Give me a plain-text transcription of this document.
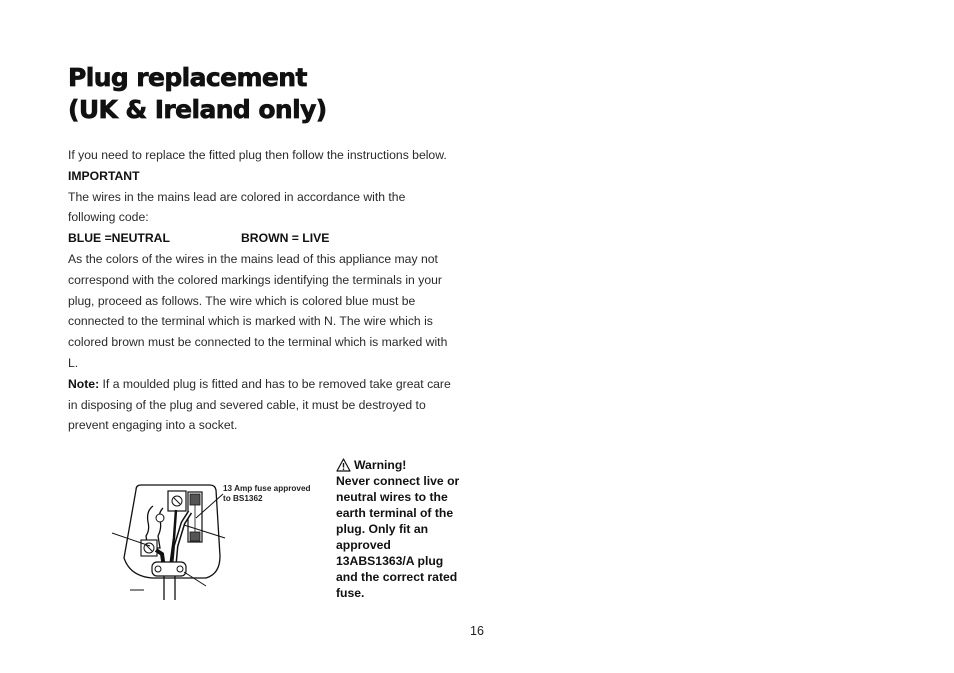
Plug replacement
(UK & Ireland only)

If you need to replace the fitted plug then follow the instructions below.

IMPORTANT

The wires in the mains lead are colored in accordance with the following code:

BLUE =NEUTRAL	BROWN = LIVE

As the colors of the wires in the mains lead of this appliance may not correspond with the colored markings identifying the terminals in your plug, proceed as follows. The wire which is colored blue must be connected to the terminal which is marked with N. The wire which is colored brown must be connected to the terminal which is marked with L.

Note: If a moulded plug is fitted and has to be removed take great care in disposing of the plug and severed cable, it must be destroyed to prevent engaging into a socket.

Warning!
Never connect live or neutral wires to the earth terminal of the plug. Only fit an approved 13ABS1363/A plug and the correct rated fuse.
13 Amp fuse approved
to BS1362
16
